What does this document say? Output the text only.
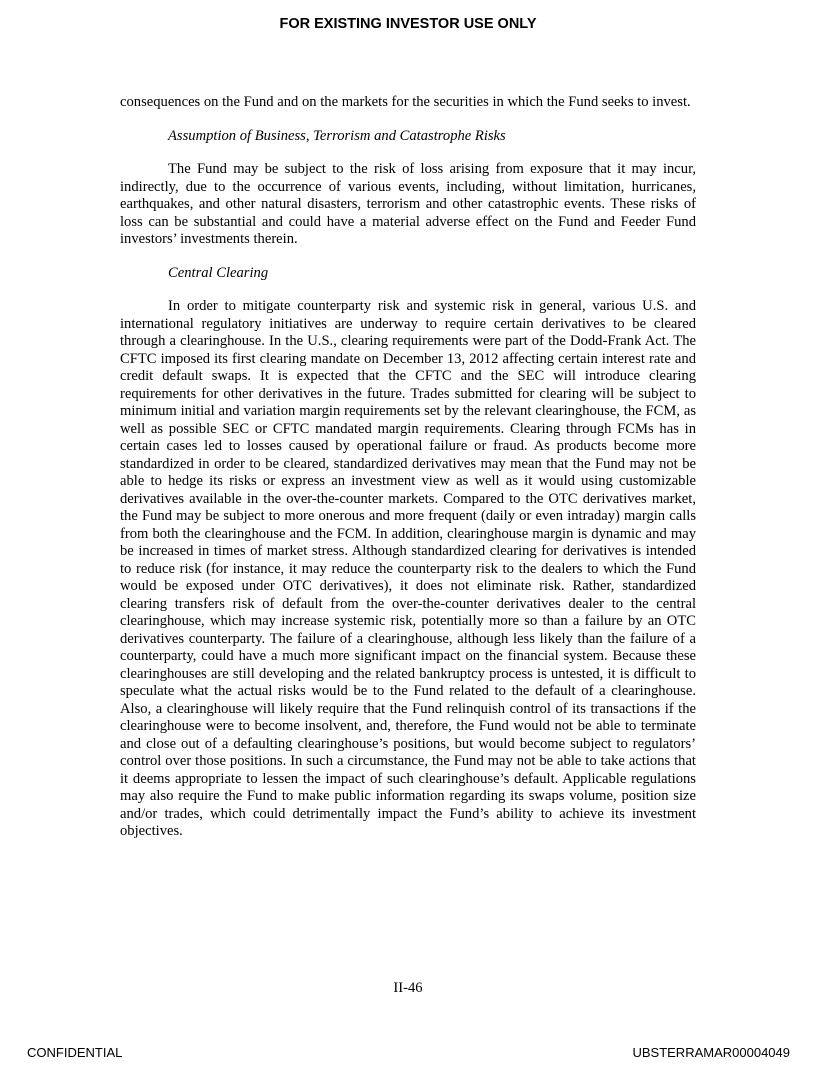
FOR EXISTING INVESTOR USE ONLY

consequences on the Fund and on the markets for the securities in which the Fund seeks to invest.

Assumption of Business, Terrorism and Catastrophe Risks

The Fund may be subject to the risk of loss arising from exposure that it may incur, indirectly, due to the occurrence of various events, including, without limitation, hurricanes, earthquakes, and other natural disasters, terrorism and other catastrophic events. These risks of loss can be substantial and could have a material adverse effect on the Fund and Feeder Fund investors’ investments therein.

Central Clearing

In order to mitigate counterparty risk and systemic risk in general, various U.S. and international regulatory initiatives are underway to require certain derivatives to be cleared through a clearinghouse. In the U.S., clearing requirements were part of the Dodd-Frank Act. The CFTC imposed its first clearing mandate on December 13, 2012 affecting certain interest rate and credit default swaps. It is expected that the CFTC and the SEC will introduce clearing requirements for other derivatives in the future. Trades submitted for clearing will be subject to minimum initial and variation margin requirements set by the relevant clearinghouse, the FCM, as well as possible SEC or CFTC mandated margin requirements. Clearing through FCMs has in certain cases led to losses caused by operational failure or fraud. As products become more standardized in order to be cleared, standardized derivatives may mean that the Fund may not be able to hedge its risks or express an investment view as well as it would using customizable derivatives available in the over-the-counter markets. Compared to the OTC derivatives market, the Fund may be subject to more onerous and more frequent (daily or even intraday) margin calls from both the clearinghouse and the FCM. In addition, clearinghouse margin is dynamic and may be increased in times of market stress. Although standardized clearing for derivatives is intended to reduce risk (for instance, it may reduce the counterparty risk to the dealers to which the Fund would be exposed under OTC derivatives), it does not eliminate risk. Rather, standardized clearing transfers risk of default from the over-the-counter derivatives dealer to the central clearinghouse, which may increase systemic risk, potentially more so than a failure by an OTC derivatives counterparty. The failure of a clearinghouse, although less likely than the failure of a counterparty, could have a much more significant impact on the financial system. Because these clearinghouses are still developing and the related bankruptcy process is untested, it is difficult to speculate what the actual risks would be to the Fund related to the default of a clearinghouse. Also, a clearinghouse will likely require that the Fund relinquish control of its transactions if the clearinghouse were to become insolvent, and, therefore, the Fund would not be able to terminate and close out of a defaulting clearinghouse’s positions, but would become subject to regulators’ control over those positions. In such a circumstance, the Fund may not be able to take actions that it deems appropriate to lessen the impact of such clearinghouse’s default. Applicable regulations may also require the Fund to make public information regarding its swaps volume, position size and/or trades, which could detrimentally impact the Fund’s ability to achieve its investment objectives.

II-46
CONFIDENTIAL	UBSTERRAMAR00004049
